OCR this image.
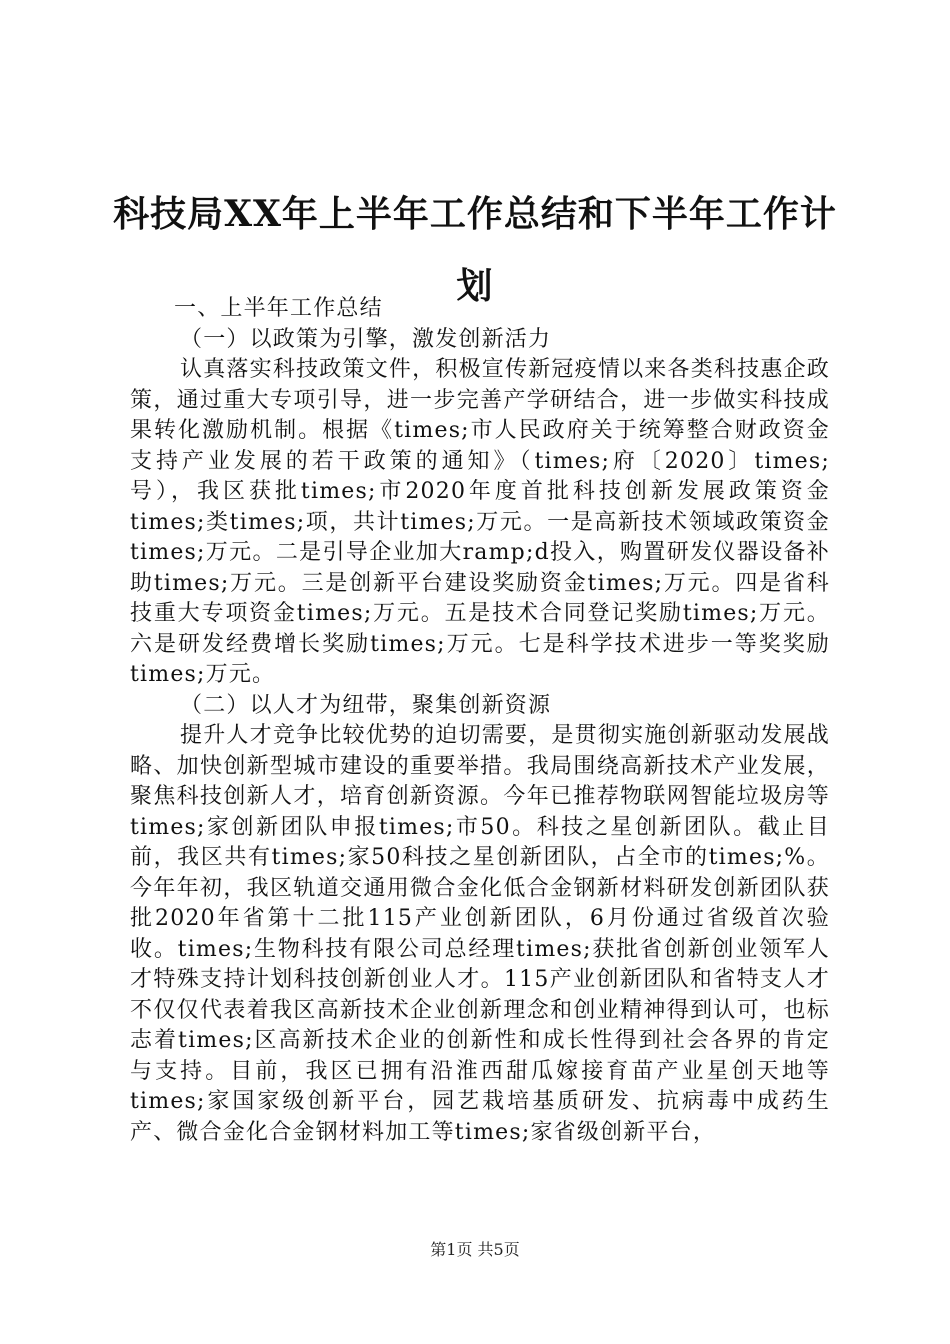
科技局XX年上半年工作总结和下半年工作计划

一、上半年工作总结

（一）以政策为引擎，激发创新活力

认真落实科技政策文件，积极宣传新冠疫情以来各类科技惠企政策，通过重大专项引导，进一步完善产学研结合，进一步做实科技成果转化激励机制。根据《times;市人民政府关于统筹整合财政资金支持产业发展的若干政策的通知》（times;府〔2020〕times;号），我区获批times;市2020年度首批科技创新发展政策资金times;类times;项，共计times;万元。一是高新技术领域政策资金times;万元。二是引导企业加大ramp;d投入，购置研发仪器设备补助times;万元。三是创新平台建设奖励资金times;万元。四是省科技重大专项资金times;万元。五是技术合同登记奖励times;万元。六是研发经费增长奖励times;万元。七是科学技术进步一等奖奖励times;万元。

（二）以人才为纽带，聚集创新资源

提升人才竞争比较优势的迫切需要，是贯彻实施创新驱动发展战略、加快创新型城市建设的重要举措。我局围绕高新技术产业发展，聚焦科技创新人才，培育创新资源。今年已推荐物联网智能垃圾房等times;家创新团队申报times;市50。科技之星创新团队。截止目前，我区共有times;家50科技之星创新团队，占全市的times;%。今年年初，我区轨道交通用微合金化低合金钢新材料研发创新团队获批2020年省第十二批115产业创新团队，6月份通过省级首次验收。times;生物科技有限公司总经理times;获批省创新创业领军人才特殊支持计划科技创新创业人才。115产业创新团队和省特支人才不仅仅代表着我区高新技术企业创新理念和创业精神得到认可，也标志着times;区高新技术企业的创新性和成长性得到社会各界的肯定与支持。目前，我区已拥有沿淮西甜瓜嫁接育苗产业星创天地等times;家国家级创新平台，园艺栽培基质研发、抗病毒中成药生产、微合金化合金钢材料加工等times;家省级创新平台，

第1页 共5页
